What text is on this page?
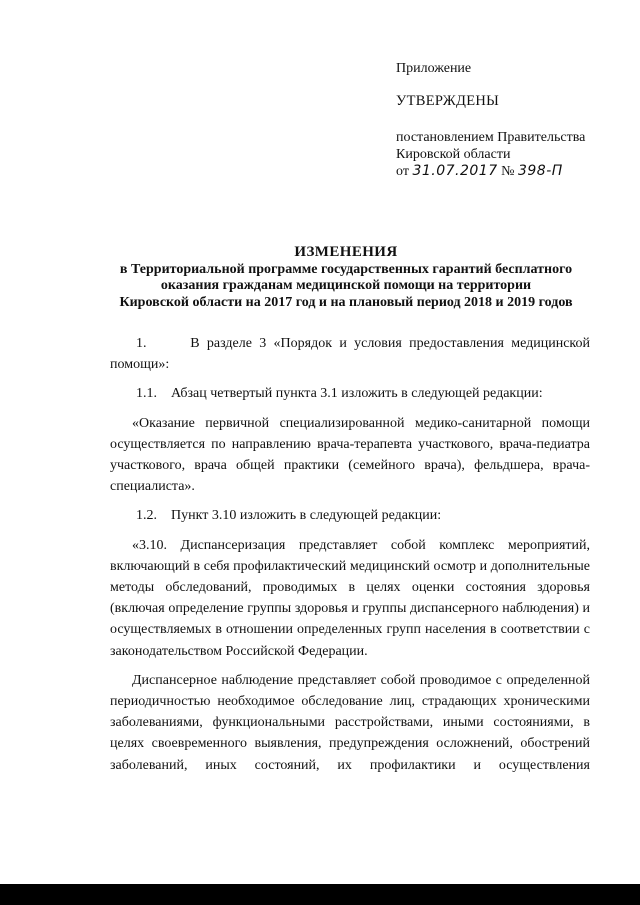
Приложение

УТВЕРЖДЕНЫ

постановлением Правительства

Кировской области

от 31.07.2017 № 398-П

ИЗМЕНЕНИЯ
в Территориальной программе государственных гарантий бесплатного
оказания гражданам медицинской помощи на территории
Кировской области на 2017 год и на плановый период 2018 и 2019 годов

1.      В разделе 3 «Порядок и условия предоставления медицинской

помощи»:

1.1.    Абзац четвертый пункта 3.1 изложить в следующей редакции:

«Оказание первичной специализированной медико-санитарной помощи осуществляется по направлению врача-терапевта участкового, врача-педиатра участкового, врача общей практики (семейного врача), фельдшера, врача-специалиста».

1.2.    Пункт 3.10 изложить в следующей редакции:

«3.10. Диспансеризация представляет собой комплекс мероприятий, включающий в себя профилактический медицинский осмотр и дополнительные методы обследований, проводимых в целях оценки состояния здоровья (включая определение группы здоровья и группы диспансерного наблюдения) и осуществляемых в отношении определенных групп населения в соответствии с законодательством Российской Федерации.

Диспансерное наблюдение представляет собой проводимое с определенной периодичностью необходимое обследование лиц, страдающих хроническими заболеваниями, функциональными расстройствами, иными состояниями, в целях своевременного выявления, предупреждения осложнений, обострений заболеваний, иных состояний, их профилактики и осуществления
